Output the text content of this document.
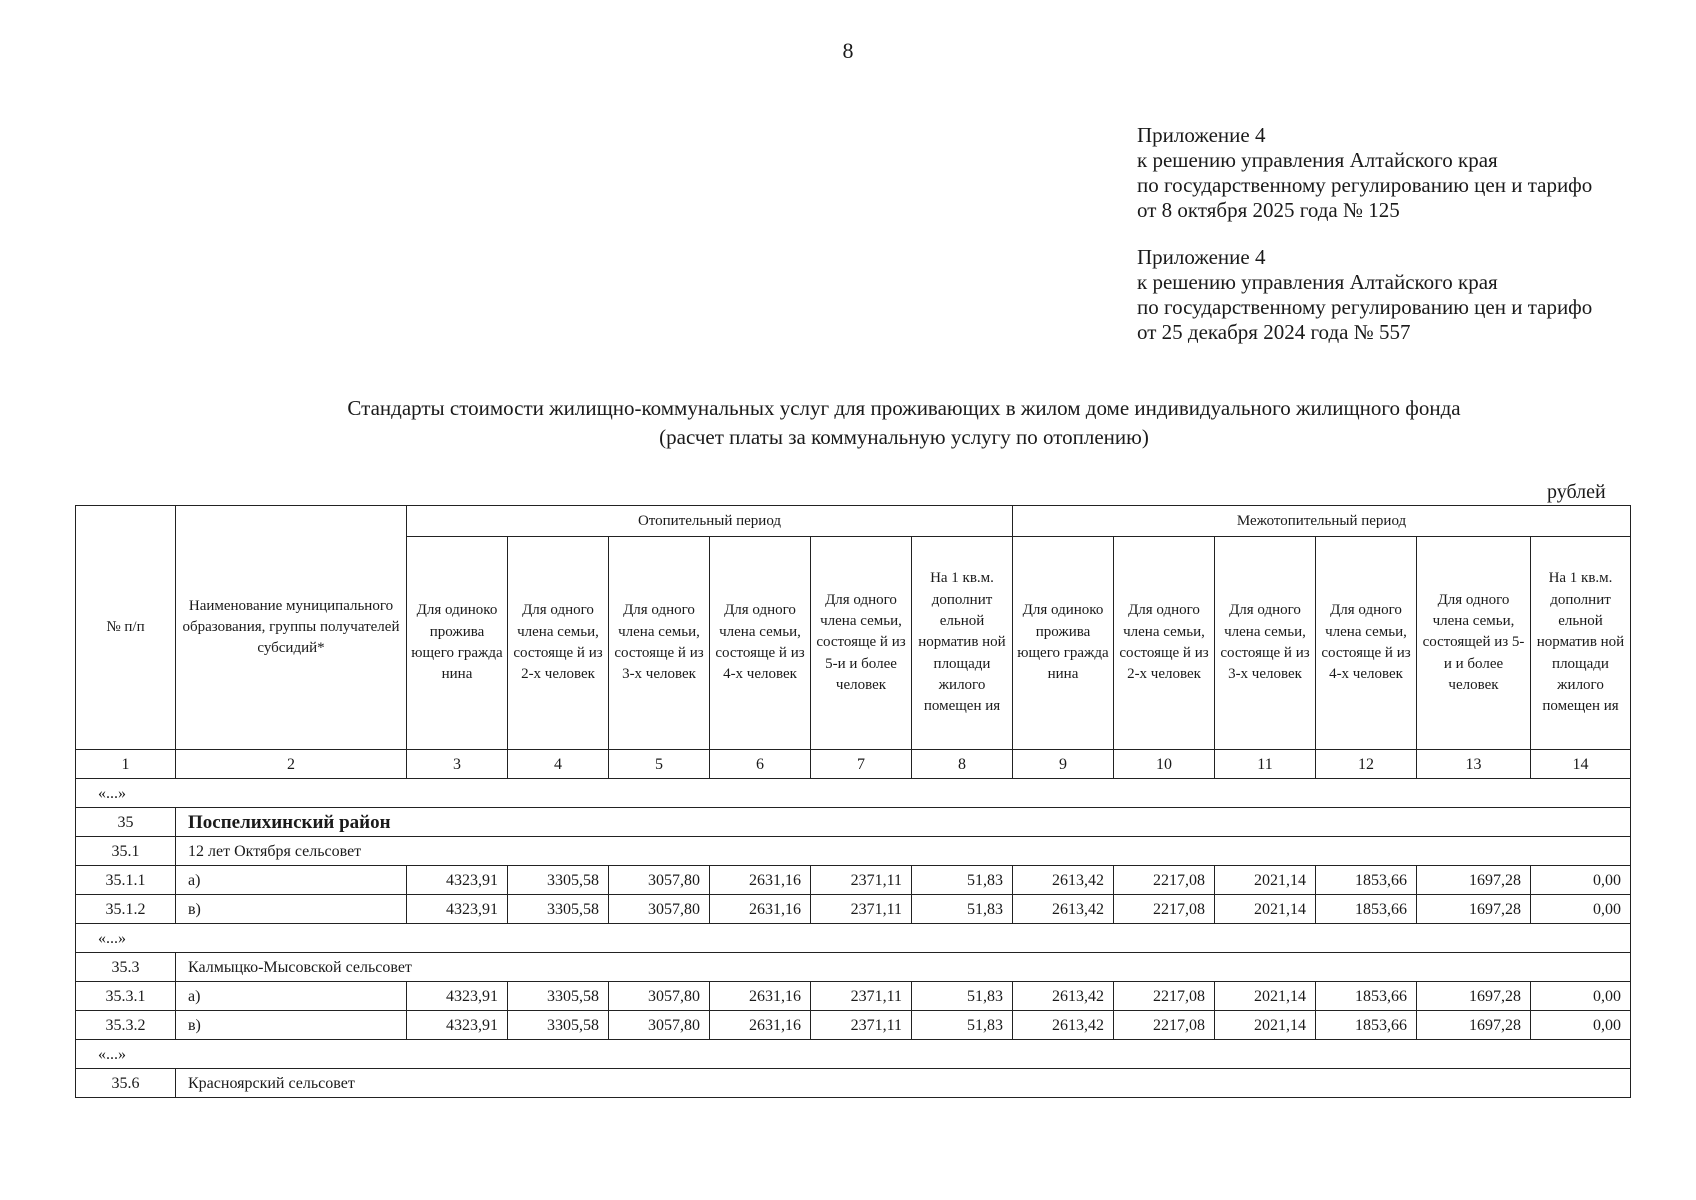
8
Приложение 4
к решению управления Алтайского края
по государственному регулированию цен и тарифо
от 8 октября 2025 года № 125
Приложение 4
к решению управления Алтайского края
по государственному регулированию цен и тарифо
от 25 декабря 2024 года № 557
Стандарты стоимости жилищно-коммунальных услуг для проживающих в жилом доме индивидуального жилищного фонда
(расчет платы за коммунальную услугу по отоплению)
рублей
№ п/п	Наименование муниципального образования, группы получателей субсидий*	Отопительный период						Межотопительный период					
		Для одиноко прожива ющего гражда нина	Для одного члена семьи, состояще й из 2-х человек	Для одного члена семьи, состояще й из 3-х человек	Для одного члена семьи, состояще й из 4-х человек	Для одного члена семьи, состояще й из 5-и и более человек	На 1 кв.м. дополнит ельной норматив ной площади жилого помещен ия	Для одиноко прожива ющего гражда нина	Для одного члена семьи, состояще й из 2-х человек	Для одного члена семьи, состояще й из 3-х человек	Для одного члена семьи, состояще й из 4-х человек	Для одного члена семьи, состоящей из 5-и и более человек	На 1 кв.м. дополнит ельной норматив ной площади жилого помещен ия
1	2	3	4	5	6	7	8	9	10	11	12	13	14
«...»													
35	Поспелихинский район												
35.1	12 лет Октября сельсовет												
35.1.1	а)	4323,91	3305,58	3057,80	2631,16	2371,11	51,83	2613,42	2217,08	2021,14	1853,66	1697,28	0,00
35.1.2	в)	4323,91	3305,58	3057,80	2631,16	2371,11	51,83	2613,42	2217,08	2021,14	1853,66	1697,28	0,00
«...»													
35.3	Калмыцко-Мысовской сельсовет												
35.3.1	а)	4323,91	3305,58	3057,80	2631,16	2371,11	51,83	2613,42	2217,08	2021,14	1853,66	1697,28	0,00
35.3.2	в)	4323,91	3305,58	3057,80	2631,16	2371,11	51,83	2613,42	2217,08	2021,14	1853,66	1697,28	0,00
«...»													
35.6	Красноярский сельсовет												
